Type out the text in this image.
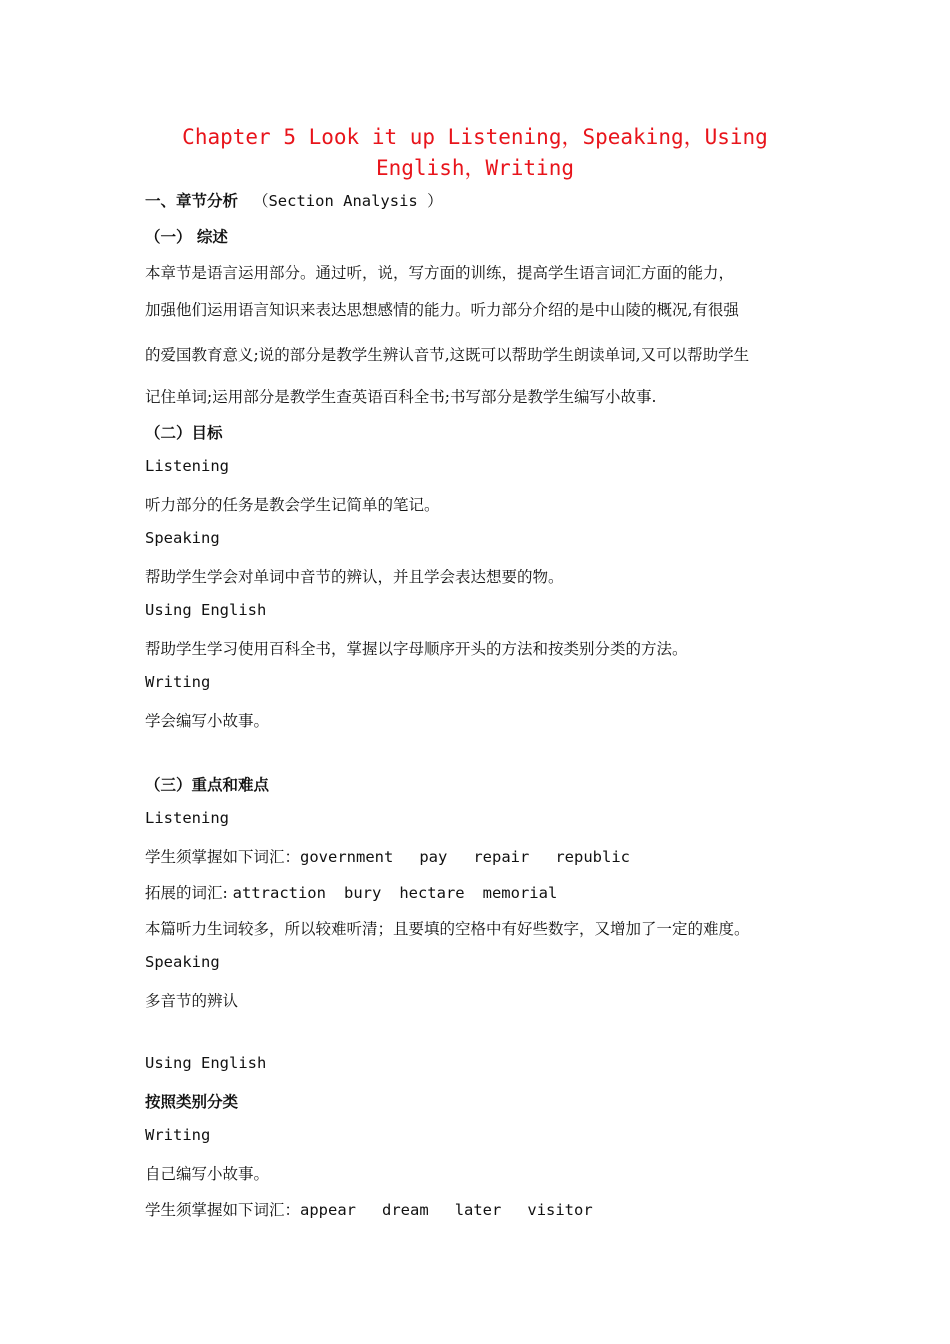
Chapter 5 Look it up Listening，Speaking，Using
English，Writing
一、章节分析 （Section Analysis ）
（一） 综述
本章节是语言运用部分。通过听，说，写方面的训练，提高学生语言词汇方面的能力，
加强他们运用语言知识来表达思想感情的能力。听力部分介绍的是中山陵的概况,有很强
的爱国教育意义;说的部分是教学生辨认音节,这既可以帮助学生朗读单词,又可以帮助学生
记住单词;运用部分是教学生查英语百科全书;书写部分是教学生编写小故事.
（二）目标
Listening
听力部分的任务是教会学生记简单的笔记。
Speaking
帮助学生学会对单词中音节的辨认，并且学会表达想要的物。
Using English
帮助学生学习使用百科全书，掌握以字母顺序开头的方法和按类别分类的方法。
Writing
学会编写小故事。
（三）重点和难点
Listening
学生须掌握如下词汇：government pay repair republic
拓展的词汇: attraction bury hectare memorial
本篇听力生词较多，所以较难听清；且要填的空格中有好些数字，又增加了一定的难度。
Speaking
多音节的辨认
Using English
按照类别分类
Writing
自己编写小故事。
学生须掌握如下词汇：appear dream later visitor
